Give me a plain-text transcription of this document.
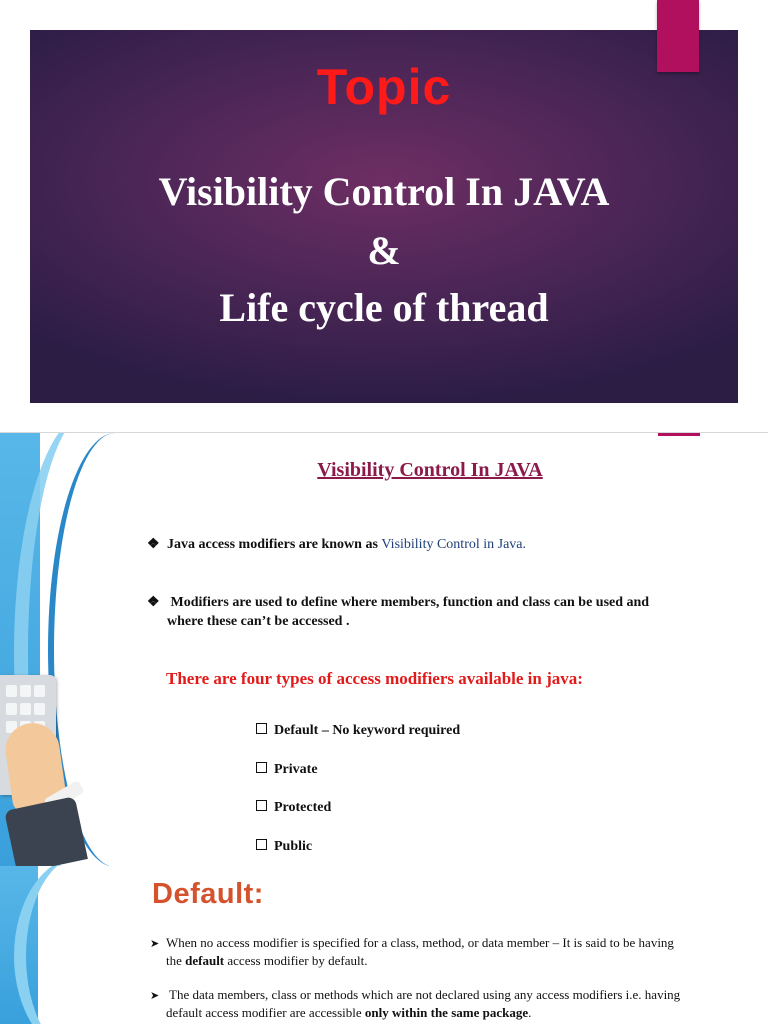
Topic
Visibility Control In JAVA
&
Life cycle of thread
Visibility Control In JAVA
❖ Java access modifiers are known as Visibility Control in Java.
❖ Modifiers are used to define where members, function and class can be used and
where these can’t be accessed .
There are four types of access modifiers available in java:
Default – No keyword required
Private
Protected
Public
Default:
➤ When no access modifier is specified for a class, method, or data member – It is said to be having
the default access modifier by default.
➤ The data members, class or methods which are not declared using any access modifiers i.e. having
default access modifier are accessible only within the same package.
